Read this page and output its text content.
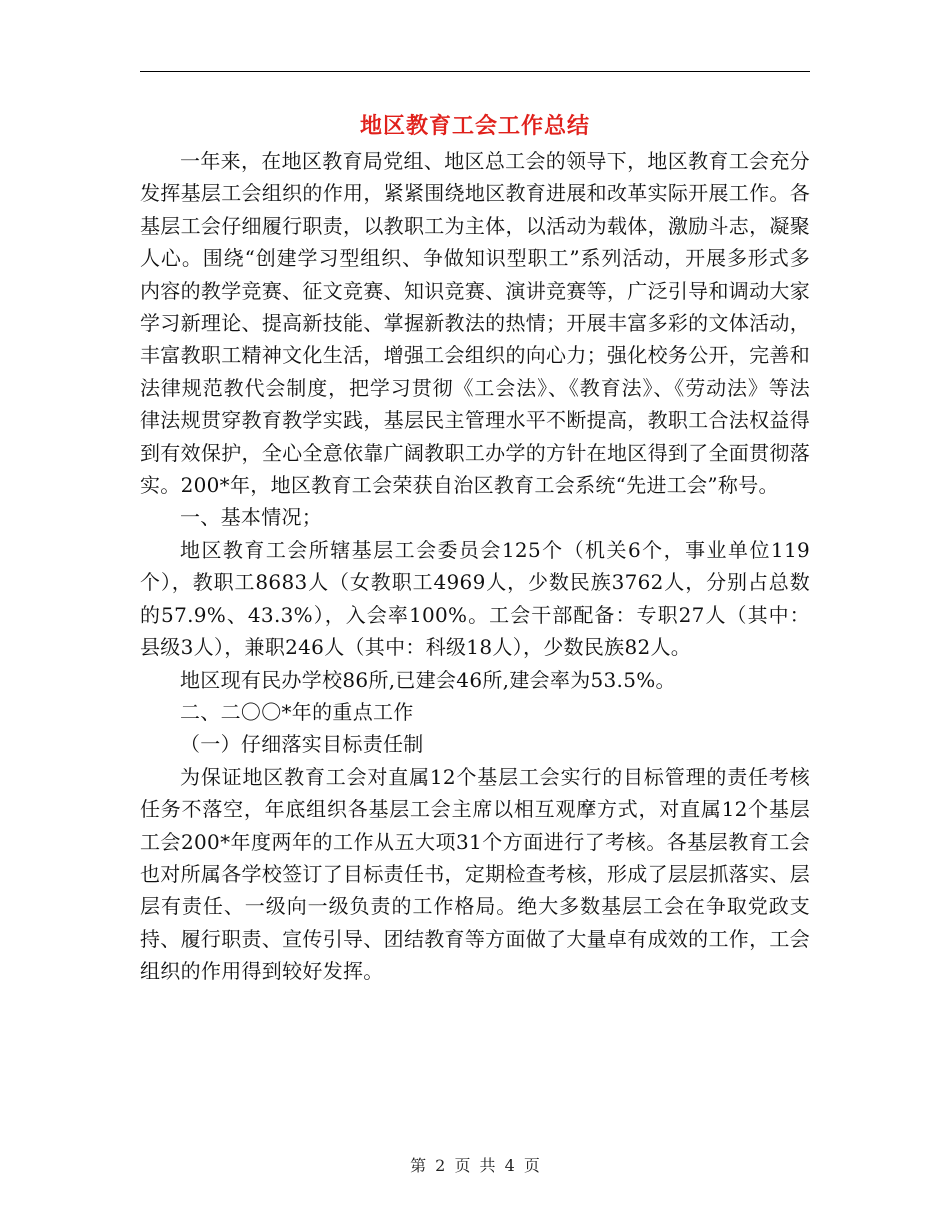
地区教育工会工作总结

一年来，在地区教育局党组、地区总工会的领导下，地区教育工会充分发挥基层工会组织的作用，紧紧围绕地区教育进展和改革实际开展工作。各基层工会仔细履行职责，以教职工为主体，以活动为载体，激励斗志，凝聚人心。围绕“创建学习型组织、争做知识型职工”系列活动，开展多形式多内容的教学竞赛、征文竞赛、知识竞赛、演讲竞赛等，广泛引导和调动大家学习新理论、提高新技能、掌握新教法的热情；开展丰富多彩的文体活动，丰富教职工精神文化生活，增强工会组织的向心力；强化校务公开，完善和法律规范教代会制度，把学习贯彻《工会法》、《教育法》、《劳动法》等法律法规贯穿教育教学实践，基层民主管理水平不断提高，教职工合法权益得到有效保护，全心全意依靠广阔教职工办学的方针在地区得到了全面贯彻落实。200*年，地区教育工会荣获自治区教育工会系统“先进工会”称号。

一、基本情况；

地区教育工会所辖基层工会委员会125个（机关6个，事业单位119个），教职工8683人（女教职工4969人，少数民族3762人，分别占总数的57.9%、43.3%），入会率100%。工会干部配备：专职27人（其中：县级3人），兼职246人（其中：科级18人），少数民族82人。

地区现有民办学校86所,已建会46所,建会率为53.5%。

二、二〇〇*年的重点工作

（一）仔细落实目标责任制

为保证地区教育工会对直属12个基层工会实行的目标管理的责任考核任务不落空，年底组织各基层工会主席以相互观摩方式，对直属12个基层工会200*年度两年的工作从五大项31个方面进行了考核。各基层教育工会也对所属各学校签订了目标责任书，定期检查考核，形成了层层抓落实、层层有责任、一级向一级负责的工作格局。绝大多数基层工会在争取党政支持、履行职责、宣传引导、团结教育等方面做了大量卓有成效的工作，工会组织的作用得到较好发挥。

第 2 页 共 4 页
